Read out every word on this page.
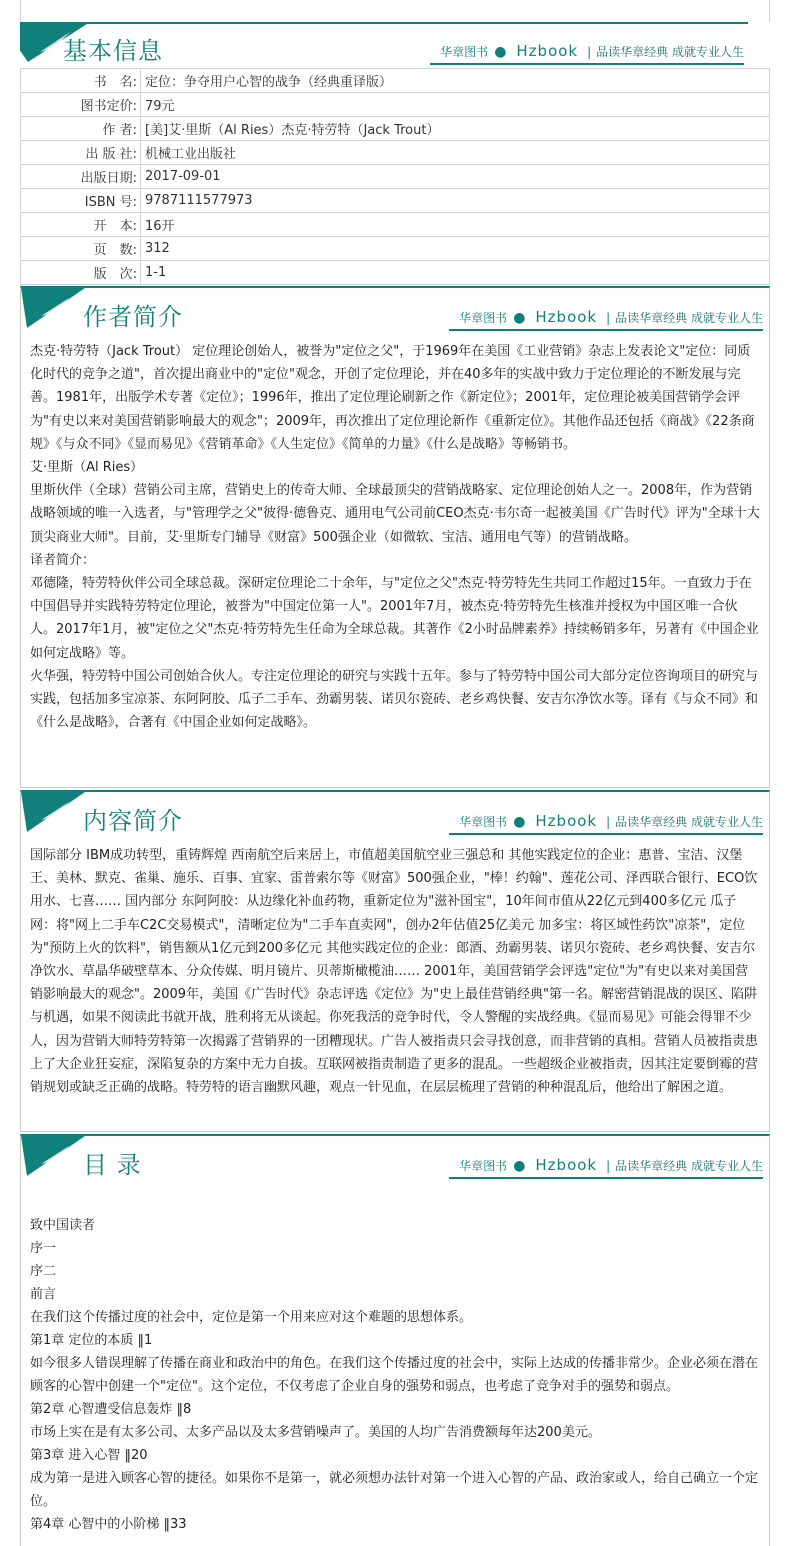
基本信息	华章图书 ● Hzbook | 品读华章经典 成就专业人生
书　名:	定位：争夺用户心智的战争（经典重译版）
图书定价:	79元
作 者:	[美]艾·里斯（Al Ries）杰克·特劳特（Jack Trout）
出 版 社:	机械工业出版社
出版日期:	2017-09-01
ISBN 号:	9787111577973
开　本:	16开
页　数:	312
版　次:	1-1
作者简介	华章图书 ● Hzbook | 品读华章经典 成就专业人生

杰克·特劳特（Jack Trout） 定位理论创始人，被誉为"定位之父"，于1969年在美国《工业营销》杂志上发表论文"定位：同质化时代的竞争之道"，首次提出商业中的"定位"观念，开创了定位理论，并在40多年的实战中致力于定位理论的不断发展与完善。1981年，出版学术专著《定位》；1996年，推出了定位理论刷新之作《新定位》；2001年，定位理论被美国营销学会评为"有史以来对美国营销影响最大的观念"；2009年，再次推出了定位理论新作《重新定位》。其他作品还包括《商战》《22条商规》《与众不同》《显而易见》《营销革命》《人生定位》《简单的力量》《什么是战略》等畅销书。

艾·里斯（Al Ries）

里斯伙伴（全球）营销公司主席，营销史上的传奇大师、全球最顶尖的营销战略家、定位理论创始人之一。2008年，作为营销战略领域的唯一入选者，与"管理学之父"彼得·德鲁克、通用电气公司前CEO杰克·韦尔奇一起被美国《广告时代》评为"全球十大顶尖商业大师"。目前，艾·里斯专门辅导《财富》500强企业（如微软、宝洁、通用电气等）的营销战略。

译者简介：

邓德隆，特劳特伙伴公司全球总裁。深研定位理论二十余年，与"定位之父"杰克·特劳特先生共同工作超过15年。一直致力于在中国倡导并实践特劳特定位理论，被誉为"中国定位第一人"。2001年7月，被杰克·特劳特先生核准并授权为中国区唯一合伙人。2017年1月，被"定位之父"杰克·特劳特先生任命为全球总裁。其著作《2小时品牌素养》持续畅销多年，另著有《中国企业如何定战略》等。

火华强，特劳特中国公司创始合伙人。专注定位理论的研究与实践十五年。参与了特劳特中国公司大部分定位咨询项目的研究与实践，包括加多宝凉茶、东阿阿胶、瓜子二手车、劲霸男装、诺贝尔瓷砖、老乡鸡快餐、安吉尔净饮水等。译有《与众不同》和《什么是战略》，合著有《中国企业如何定战略》。

内容简介	华章图书 ● Hzbook | 品读华章经典 成就专业人生

国际部分 IBM成功转型，重铸辉煌 西南航空后来居上，市值超美国航空业三强总和 其他实践定位的企业：惠普、宝洁、汉堡王、美林、默克、雀巢、施乐、百事、宜家、雷普索尔等《财富》500强企业，"棒！约翰"、莲花公司、泽西联合银行、ECO饮用水、七喜…… 国内部分 东阿阿胶：从边缘化补血药物，重新定位为"滋补国宝"，10年间市值从22亿元到400多亿元 瓜子网：将"网上二手车C2C交易模式"，清晰定位为"二手车直卖网"，创办2年估值25亿美元 加多宝：将区域性药饮"凉茶"，定位为"预防上火的饮料"，销售额从1亿元到200多亿元 其他实践定位的企业：郎酒、劲霸男装、诺贝尔瓷砖、老乡鸡快餐、安吉尔净饮水、草晶华破壁草本、分众传媒、明月镜片、贝蒂斯橄榄油…… 2001年，美国营销学会评选"定位"为"有史以来对美国营销影响最大的观念"。2009年，美国《广告时代》杂志评选《定位》为"史上最佳营销经典"第一名。解密营销混战的误区、陷阱与机遇，如果不阅读此书就开战，胜利将无从谈起。你死我活的竞争时代，令人警醒的实战经典。《显而易见》可能会得罪不少人，因为营销大师特劳特第一次揭露了营销界的一团糟现状。广告人被指责只会寻找创意，而非营销的真相。营销人员被指责患上了大企业狂妄症，深陷复杂的方案中无力自拔。互联网被指责制造了更多的混乱。一些超级企业被指责，因其注定要倒霉的营销规划或缺乏正确的战略。特劳特的语言幽默风趣，观点一针见血，在层层梳理了营销的种种混乱后，他给出了解困之道。

目 录	华章图书 ● Hzbook | 品读华章经典 成就专业人生

致中国读者

序一

序二

前言

在我们这个传播过度的社会中，定位是第一个用来应对这个难题的思想体系。

第1章 定位的本质 ‖1

如今很多人错误理解了传播在商业和政治中的角色。在我们这个传播过度的社会中，实际上达成的传播非常少。企业必须在潜在顾客的心智中创建一个"定位"。这个定位，不仅考虑了企业自身的强势和弱点，也考虑了竞争对手的强势和弱点。

第2章 心智遭受信息轰炸 ‖8

市场上实在是有太多公司、太多产品以及太多营销噪声了。美国的人均广告消费额每年达200美元。

第3章 进入心智 ‖20

成为第一是进入顾客心智的捷径。如果你不是第一，就必须想办法针对第一个进入心智的产品、政治家或人，给自己确立一个定位。

第4章 心智中的小阶梯 ‖33
